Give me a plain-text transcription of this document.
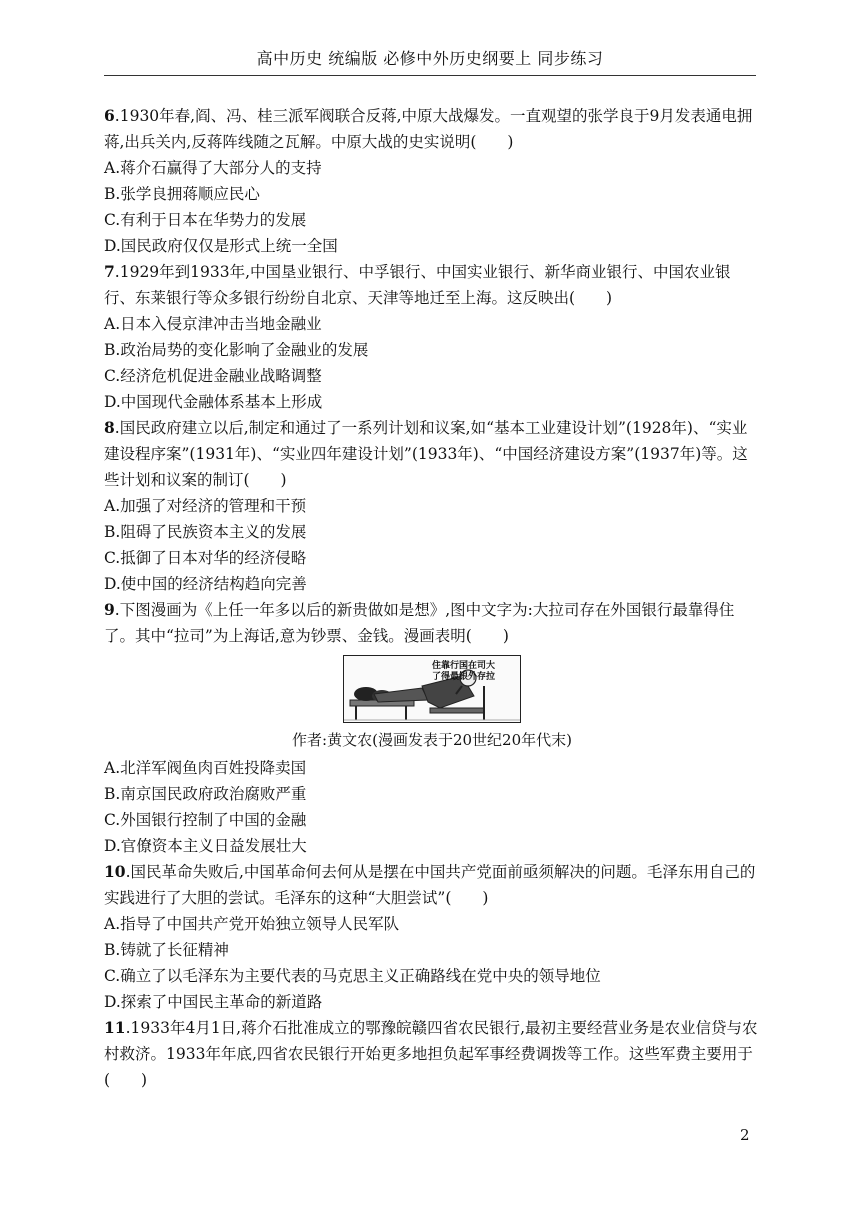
高中历史 统编版 必修中外历史纲要上 同步练习

6.1930年春,阎、冯、桂三派军阀联合反蒋,中原大战爆发。一直观望的张学良于9月发表通电拥蒋,出兵关内,反蒋阵线随之瓦解。中原大战的史实说明(　　)

A.蒋介石赢得了大部分人的支持

B.张学良拥蒋顺应民心

C.有利于日本在华势力的发展

D.国民政府仅仅是形式上统一全国

7.1929年到1933年,中国垦业银行、中孚银行、中国实业银行、新华商业银行、中国农业银行、东莱银行等众多银行纷纷自北京、天津等地迁至上海。这反映出(　　)

A.日本入侵京津冲击当地金融业

B.政治局势的变化影响了金融业的发展

C.经济危机促进金融业战略调整

D.中国现代金融体系基本上形成

8.国民政府建立以后,制定和通过了一系列计划和议案,如“基本工业建设计划”(1928年)、“实业建设程序案”(1931年)、“实业四年建设计划”(1933年)、“中国经济建设方案”(1937年)等。这些计划和议案的制订(　　)

A.加强了对经济的管理和干预

B.阻碍了民族资本主义的发展

C.抵御了日本对华的经济侵略

D.使中国的经济结构趋向完善

9.下图漫画为《上任一年多以后的新贵做如是想》,图中文字为:大拉司存在外国银行最靠得住了。其中“拉司”为上海话,意为钞票、金钱。漫画表明(　　)

住靠行国在司大
了得最银外存拉

作者:黄文农(漫画发表于20世纪20年代末)

A.北洋军阀鱼肉百姓投降卖国

B.南京国民政府政治腐败严重

C.外国银行控制了中国的金融

D.官僚资本主义日益发展壮大

10.国民革命失败后,中国革命何去何从是摆在中国共产党面前亟须解决的问题。毛泽东用自己的实践进行了大胆的尝试。毛泽东的这种“大胆尝试”(　　)

A.指导了中国共产党开始独立领导人民军队

B.铸就了长征精神

C.确立了以毛泽东为主要代表的马克思主义正确路线在党中央的领导地位

D.探索了中国民主革命的新道路

11.1933年4月1日,蒋介石批准成立的鄂豫皖赣四省农民银行,最初主要经营业务是农业信贷与农村救济。1933年年底,四省农民银行开始更多地担负起军事经费调拨等工作。这些军费主要用于(　　)

2
